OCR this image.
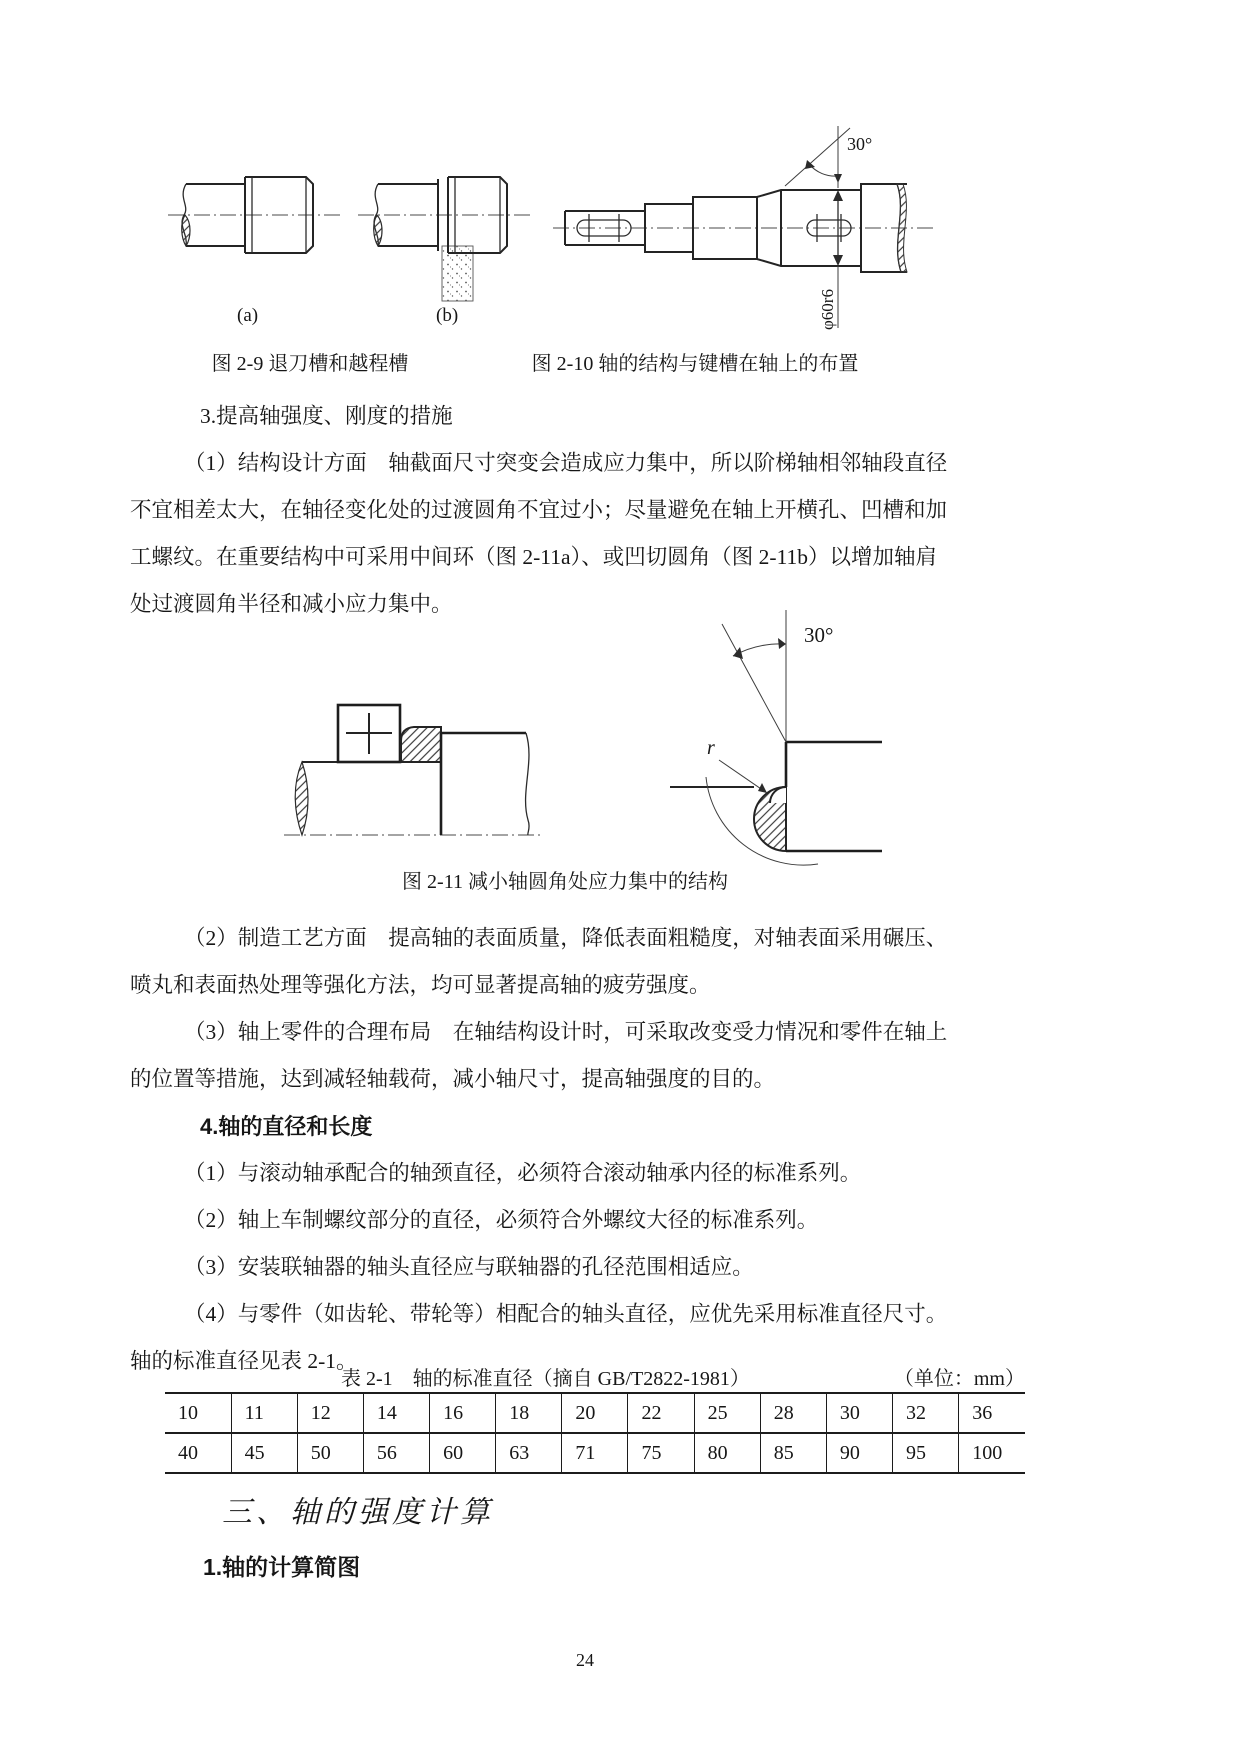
(a)	(b)
30°
φ60r6
图 2-9 退刀槽和越程槽	图 2-10 轴的结构与键槽在轴上的布置
3.提高轴强度、刚度的措施
（1）结构设计方面　轴截面尺寸突变会造成应力集中，所以阶梯轴相邻轴段直径
不宜相差太大，在轴径变化处的过渡圆角不宜过小；尽量避免在轴上开横孔、凹槽和加
工螺纹。在重要结构中可采用中间环（图 2-11a）、或凹切圆角（图 2-11b）以增加轴肩
处过渡圆角半径和减小应力集中。
30°
r
图 2-11 减小轴圆角处应力集中的结构
（2）制造工艺方面　提高轴的表面质量，降低表面粗糙度，对轴表面采用碾压、
喷丸和表面热处理等强化方法，均可显著提高轴的疲劳强度。
（3）轴上零件的合理布局　在轴结构设计时，可采取改变受力情况和零件在轴上
的位置等措施，达到减轻轴载荷，减小轴尺寸，提高轴强度的目的。
4.轴的直径和长度
（1）与滚动轴承配合的轴颈直径，必须符合滚动轴承内径的标准系列。
（2）轴上车制螺纹部分的直径，必须符合外螺纹大径的标准系列。
（3）安装联轴器的轴头直径应与联轴器的孔径范围相适应。
（4）与零件（如齿轮、带轮等）相配合的轴头直径，应优先采用标准直径尺寸。
轴的标准直径见表 2-1。
表 2-1　轴的标准直径（摘自 GB/T2822-1981）	（单位：mm）
10	11	12	14	16	18	20	22	25	28	30	32	36
40	45	50	56	60	63	71	75	80	85	90	95	100
三、轴的强度计算
1.轴的计算简图
24
